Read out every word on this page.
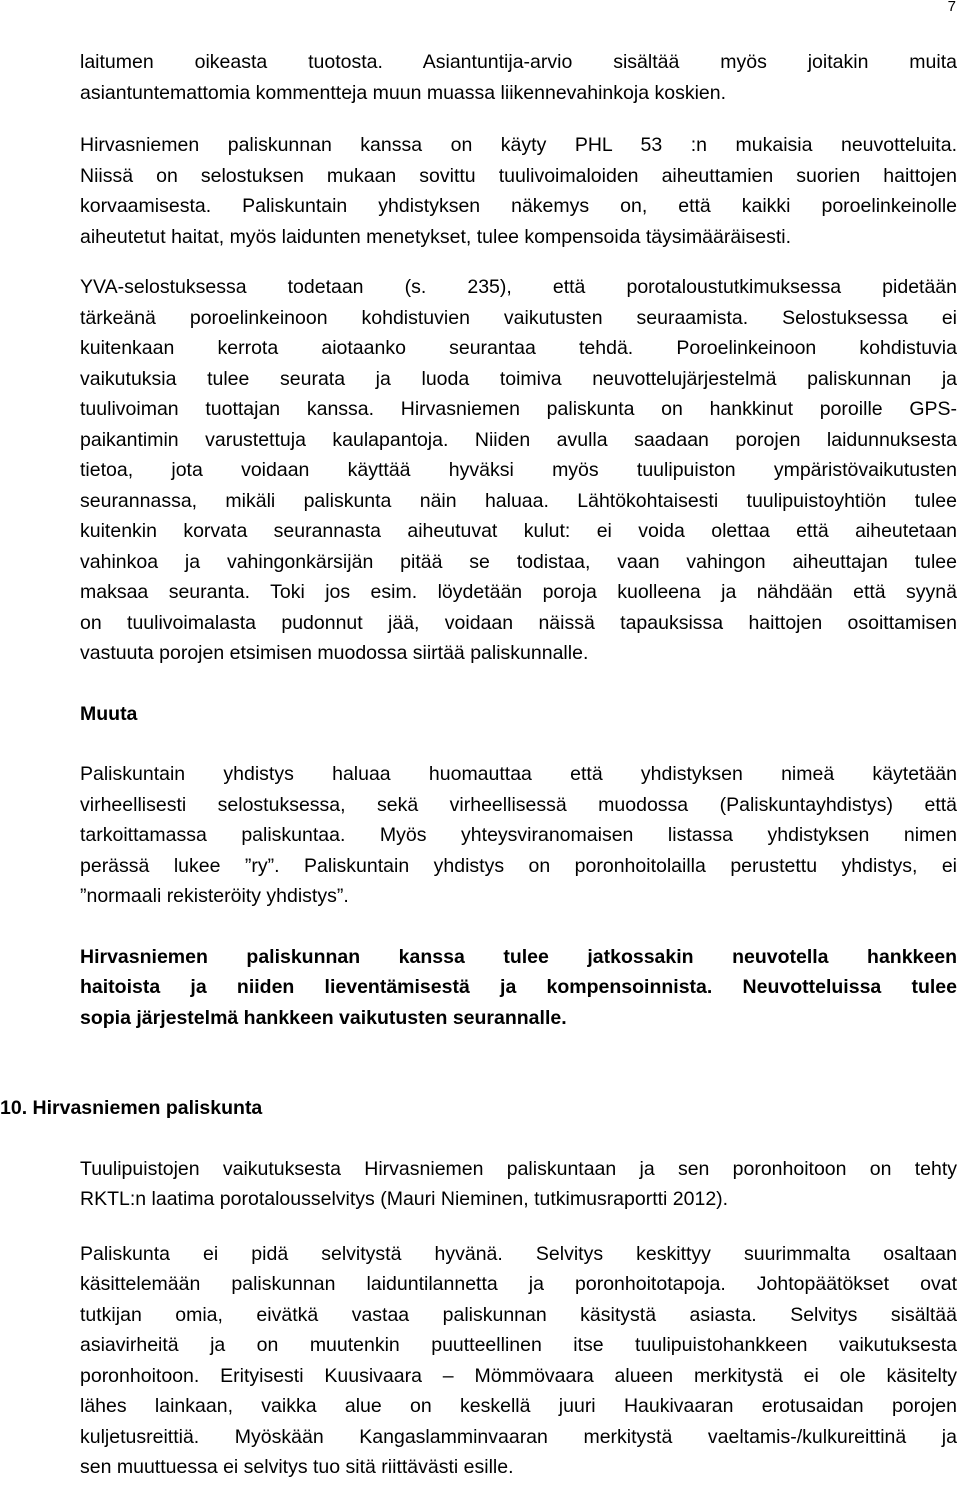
7
laitumen oikeasta tuotosta. Asiantuntija-arvio sisältää myös joitakin muita
asiantuntemattomia kommentteja muun muassa liikennevahinkoja koskien.
Hirvasniemen paliskunnan kanssa on käyty PHL 53 :n mukaisia neuvotteluita.
Niissä on selostuksen mukaan sovittu tuulivoimaloiden aiheuttamien suorien haittojen
korvaamisesta. Paliskuntain yhdistyksen näkemys on, että kaikki poroelinkeinolle
aiheutetut haitat, myös laidunten menetykset, tulee kompensoida täysimääräisesti.
YVA-selostuksessa todetaan (s. 235), että porotaloustutkimuksessa pidetään
tärkeänä poroelinkeinoon kohdistuvien vaikutusten seuraamista. Selostuksessa ei
kuitenkaan kerrota aiotaanko seurantaa tehdä. Poroelinkeinoon kohdistuvia
vaikutuksia tulee seurata ja luoda toimiva neuvottelujärjestelmä paliskunnan ja
tuulivoiman tuottajan kanssa. Hirvasniemen paliskunta on hankkinut poroille GPS-
paikantimin varustettuja kaulapantoja. Niiden avulla saadaan porojen laidunnuksesta
tietoa, jota voidaan käyttää hyväksi myös tuulipuiston ympäristövaikutusten
seurannassa, mikäli paliskunta näin haluaa. Lähtökohtaisesti tuulipuistoyhtiön tulee
kuitenkin korvata seurannasta aiheutuvat kulut: ei voida olettaa että aiheutetaan
vahinkoa ja vahingonkärsijän pitää se todistaa, vaan vahingon aiheuttajan tulee
maksaa seuranta. Toki jos esim. löydetään poroja kuolleena ja nähdään että syynä
on tuulivoimalasta pudonnut jää, voidaan näissä tapauksissa haittojen osoittamisen
vastuuta porojen etsimisen muodossa siirtää paliskunnalle.
Muuta
Paliskuntain yhdistys haluaa huomauttaa että yhdistyksen nimeä käytetään
virheellisesti selostuksessa, sekä virheellisessä muodossa (Paliskuntayhdistys) että
tarkoittamassa paliskuntaa. Myös yhteysviranomaisen listassa yhdistyksen nimen
perässä lukee ”ry”. Paliskuntain yhdistys on poronhoitolailla perustettu yhdistys, ei
”normaali rekisteröity yhdistys”.
Hirvasniemen paliskunnan kanssa tulee jatkossakin neuvotella hankkeen
haitoista ja niiden lieventämisestä ja kompensoinnista. Neuvotteluissa tulee
sopia järjestelmä hankkeen vaikutusten seurannalle.
10. Hirvasniemen paliskunta
Tuulipuistojen vaikutuksesta Hirvasniemen paliskuntaan ja sen poronhoitoon on tehty
RKTL:n laatima porotalousselvitys (Mauri Nieminen, tutkimusraportti 2012).
Paliskunta ei pidä selvitystä hyvänä. Selvitys keskittyy suurimmalta osaltaan
käsittelemään paliskunnan laiduntilannetta ja poronhoitotapoja. Johtopäätökset ovat
tutkijan omia, eivätkä vastaa paliskunnan käsitystä asiasta. Selvitys sisältää
asiavirheitä ja on muutenkin puutteellinen itse tuulipuistohankkeen vaikutuksesta
poronhoitoon. Erityisesti Kuusivaara – Mömmövaara alueen merkitystä ei ole käsitelty
lähes lainkaan, vaikka alue on keskellä juuri Haukivaaran erotusaidan porojen
kuljetusreittiä. Myöskään Kangaslamminvaaran merkitystä vaeltamis-/kulkureittinä ja
sen muuttuessa ei selvitys tuo sitä riittävästi esille.
